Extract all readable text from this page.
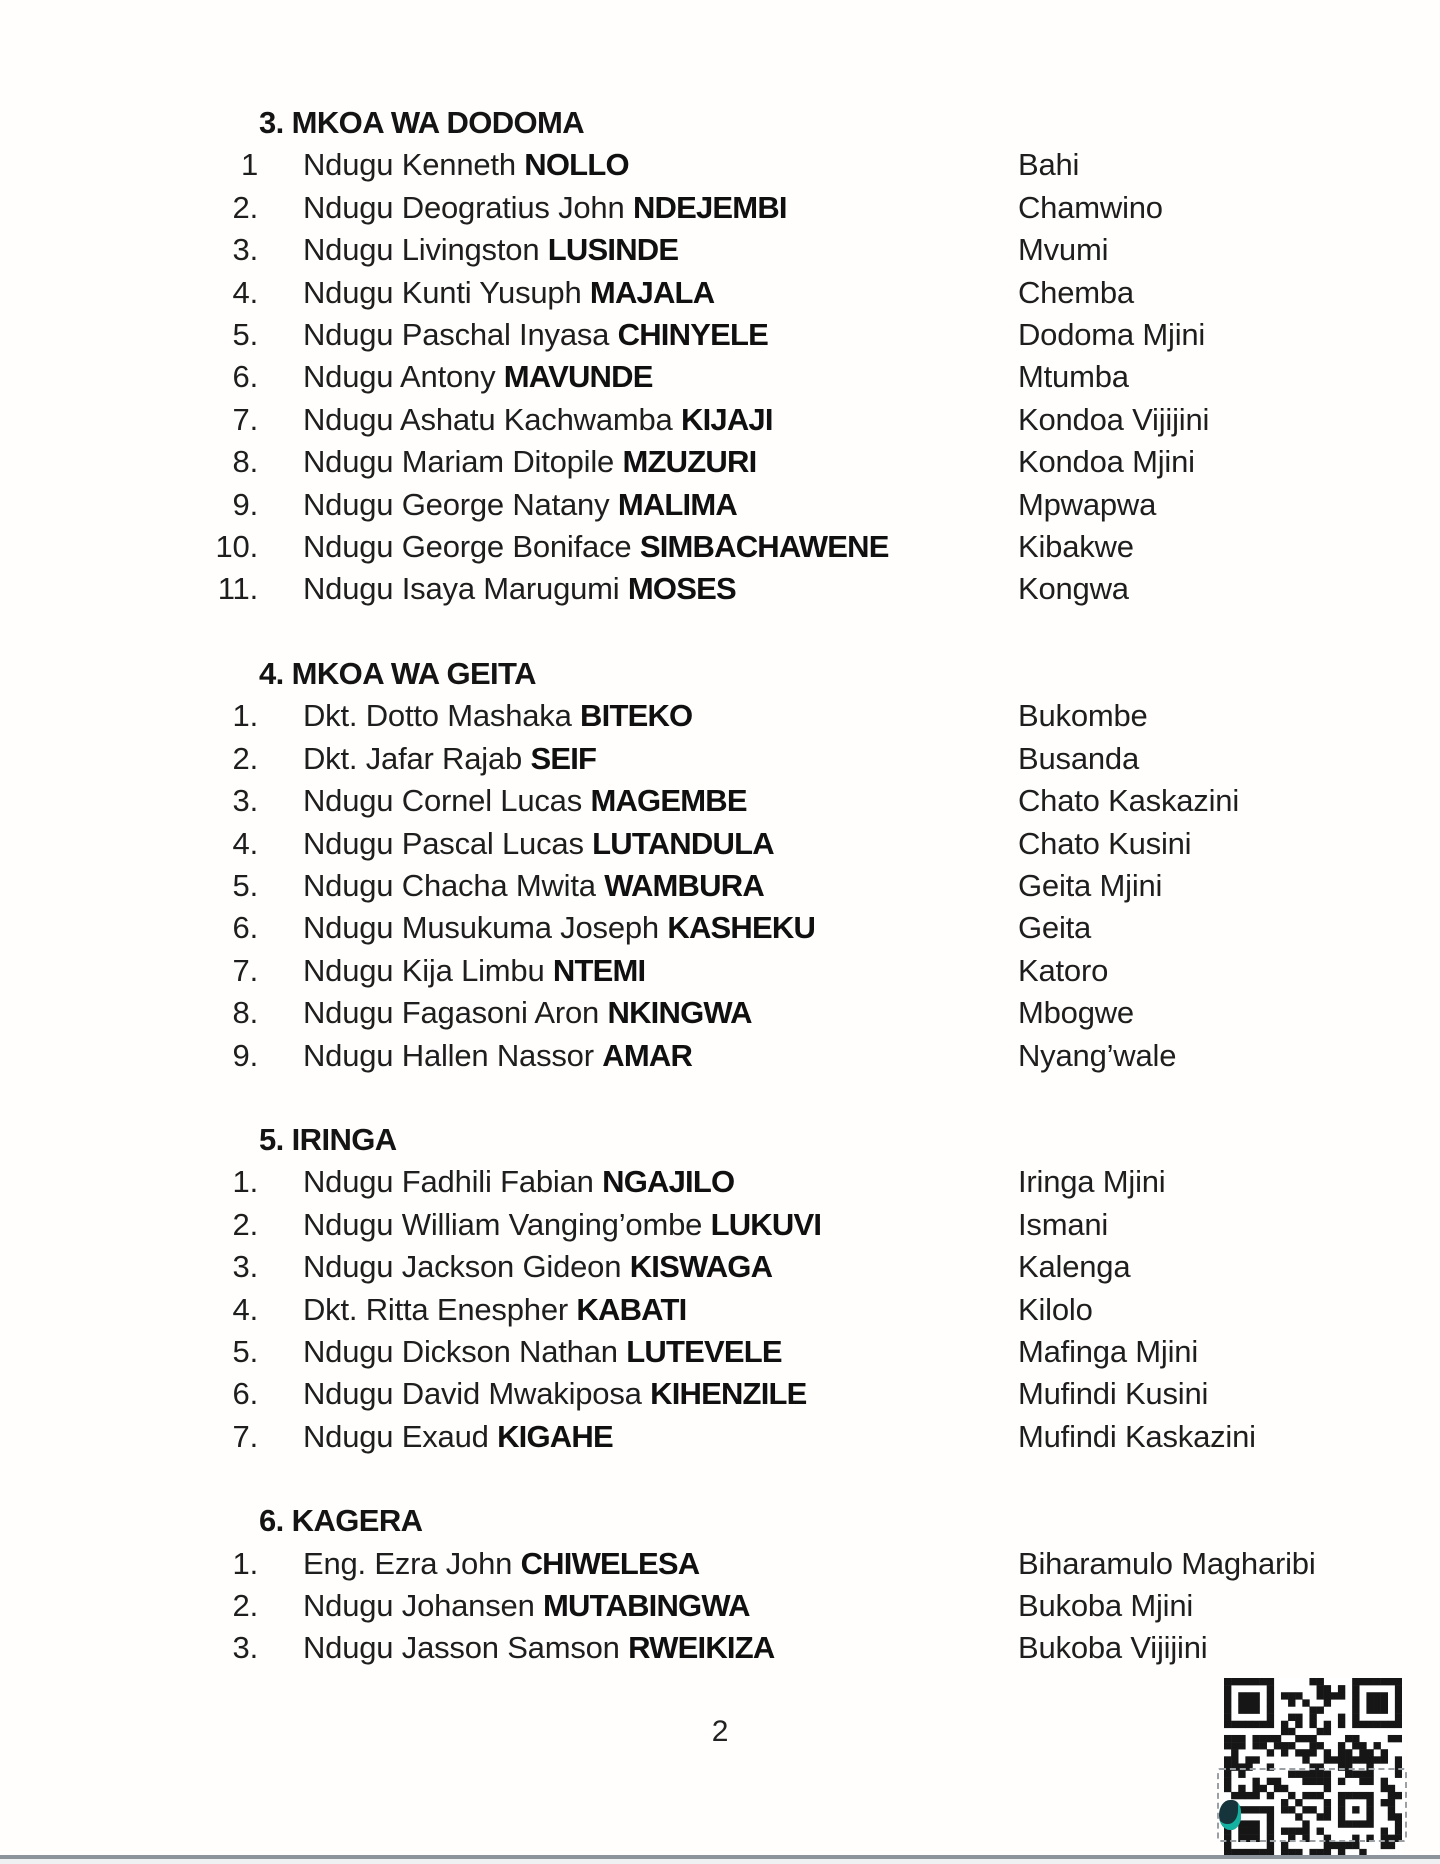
3. MKOA WA DODOMA
1 Ndugu Kenneth NOLLO	Bahi
2. Ndugu Deogratius John NDEJEMBI	Chamwino
3. Ndugu Livingston LUSINDE	Mvumi
4. Ndugu Kunti Yusuph MAJALA	Chemba
5. Ndugu Paschal Inyasa CHINYELE	Dodoma Mjini
6. Ndugu Antony MAVUNDE	Mtumba
7. Ndugu Ashatu Kachwamba KIJAJI	Kondoa Vijijini
8. Ndugu Mariam Ditopile MZUZURI	Kondoa Mjini
9. Ndugu George Natany MALIMA	Mpwapwa
10. Ndugu George Boniface SIMBACHAWENE	Kibakwe
11. Ndugu Isaya Marugumi MOSES	Kongwa
4. MKOA WA GEITA
1. Dkt. Dotto Mashaka BITEKO	Bukombe
2. Dkt. Jafar Rajab SEIF	Busanda
3. Ndugu Cornel Lucas MAGEMBE	Chato Kaskazini
4. Ndugu Pascal Lucas LUTANDULA	Chato Kusini
5. Ndugu Chacha Mwita WAMBURA	Geita Mjini
6. Ndugu Musukuma Joseph KASHEKU	Geita
7. Ndugu Kija Limbu NTEMI	Katoro
8. Ndugu Fagasoni Aron NKINGWA	Mbogwe
9. Ndugu Hallen Nassor AMAR	Nyang’wale
5. IRINGA
1. Ndugu Fadhili Fabian NGAJILO	Iringa Mjini
2. Ndugu William Vanging’ombe LUKUVI	Ismani
3. Ndugu Jackson Gideon KISWAGA	Kalenga
4. Dkt. Ritta Enespher KABATI	Kilolo
5. Ndugu Dickson Nathan LUTEVELE	Mafinga Mjini
6. Ndugu David Mwakiposa KIHENZILE	Mufindi Kusini
7. Ndugu Exaud KIGAHE	Mufindi Kaskazini
6. KAGERA
1. Eng. Ezra John CHIWELESA	Biharamulo Magharibi
2. Ndugu Johansen MUTABINGWA	Bukoba Mjini
3. Ndugu Jasson Samson RWEIKIZA	Bukoba Vijijini
2
